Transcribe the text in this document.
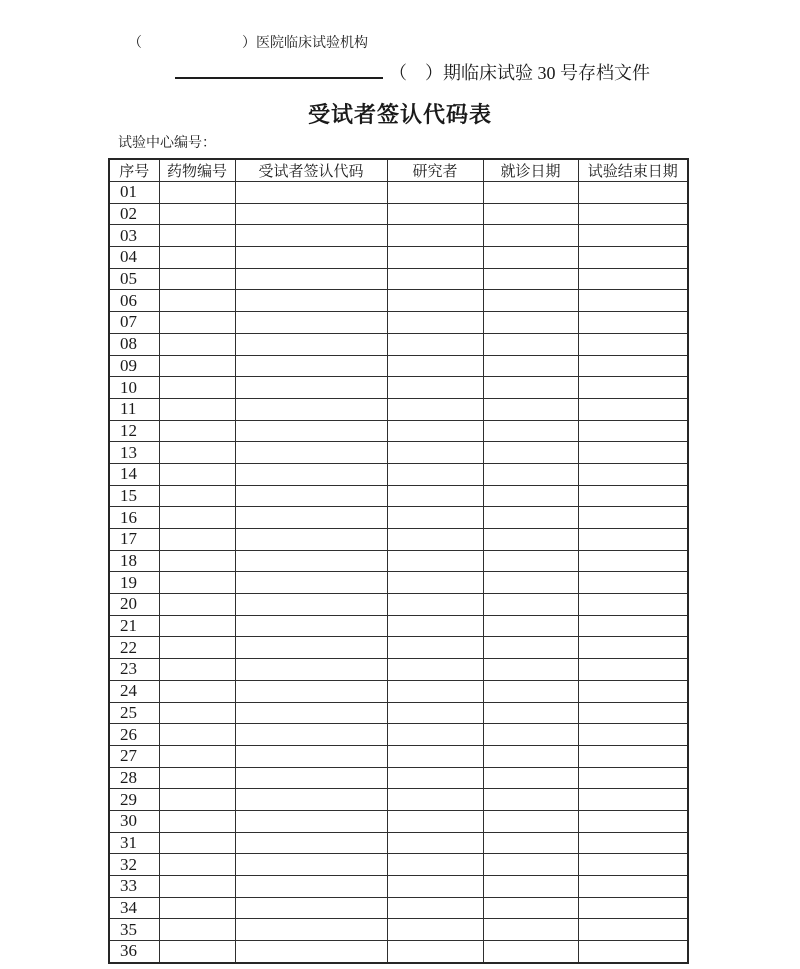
（	）医院临床试验机构
（　）期临床试验 30 号存档文件
受试者签认代码表
试验中心编号：
序号	药物编号	受试者签认代码	研究者	就诊日期	试验结束日期
01					
02					
03					
04					
05					
06					
07					
08					
09					
10					
11					
12					
13					
14					
15					
16					
17					
18					
19					
20					
21					
22					
23					
24					
25					
26					
27					
28					
29					
30					
31					
32					
33					
34					
35					
36					
